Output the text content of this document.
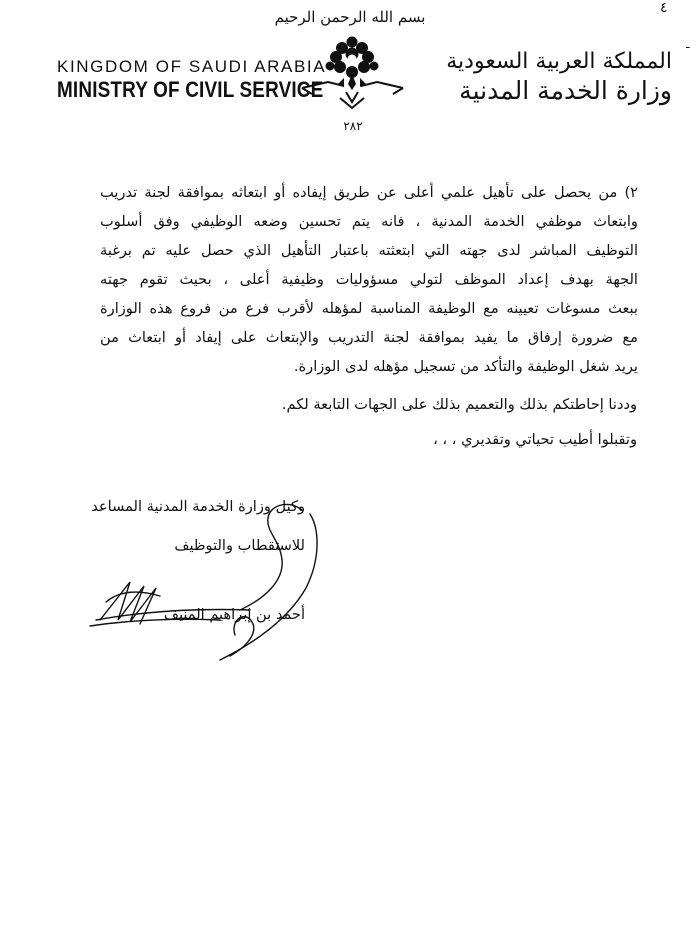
٤
ـ
بسم الله الرحمن الرحيم
KINGDOM OF SAUDI ARABIA
MINISTRY OF CIVIL SERVICE
المملكة العربية السعودية
وزارة الخدمة المدنية
٢٨٢
٢) من يحصل على تأهيل علمي أعلى عن طريق إيفاده أو ابتعاثه بموافقة لجنة تدريب
وابتعاث موظفي الخدمة المدنية ، فانه يتم تحسين وضعه الوظيفي وفق أسلوب
التوظيف المباشر لدى جهته التي ابتعثته باعتبار التأهيل الذي حصل عليه تم برغبة
الجهة بهدف إعداد الموظف لتولي مسؤوليات وظيفية أعلى ، بحيث تقوم جهته
ببعث مسوغات تعيينه مع الوظيفة المناسبة لمؤهله لأقرب فرع من فروع هذه الوزارة
مع ضرورة إرفاق ما يفيد بموافقة لجنة التدريب والإبتعاث على إيفاد أو ابتعاث من
يريد شغل الوظيفة والتأكد من تسجيل مؤهله لدى الوزارة.
وددنا إحاطتكم بذلك والتعميم بذلك على الجهات التابعة لكم.
وتقبلوا أطيب تحياتي وتقديري ، ، ،
وكيل وزارة الخدمة المدنية المساعد
للاستقطاب والتوظيف
أحمد بن إبراهيم المنيف
